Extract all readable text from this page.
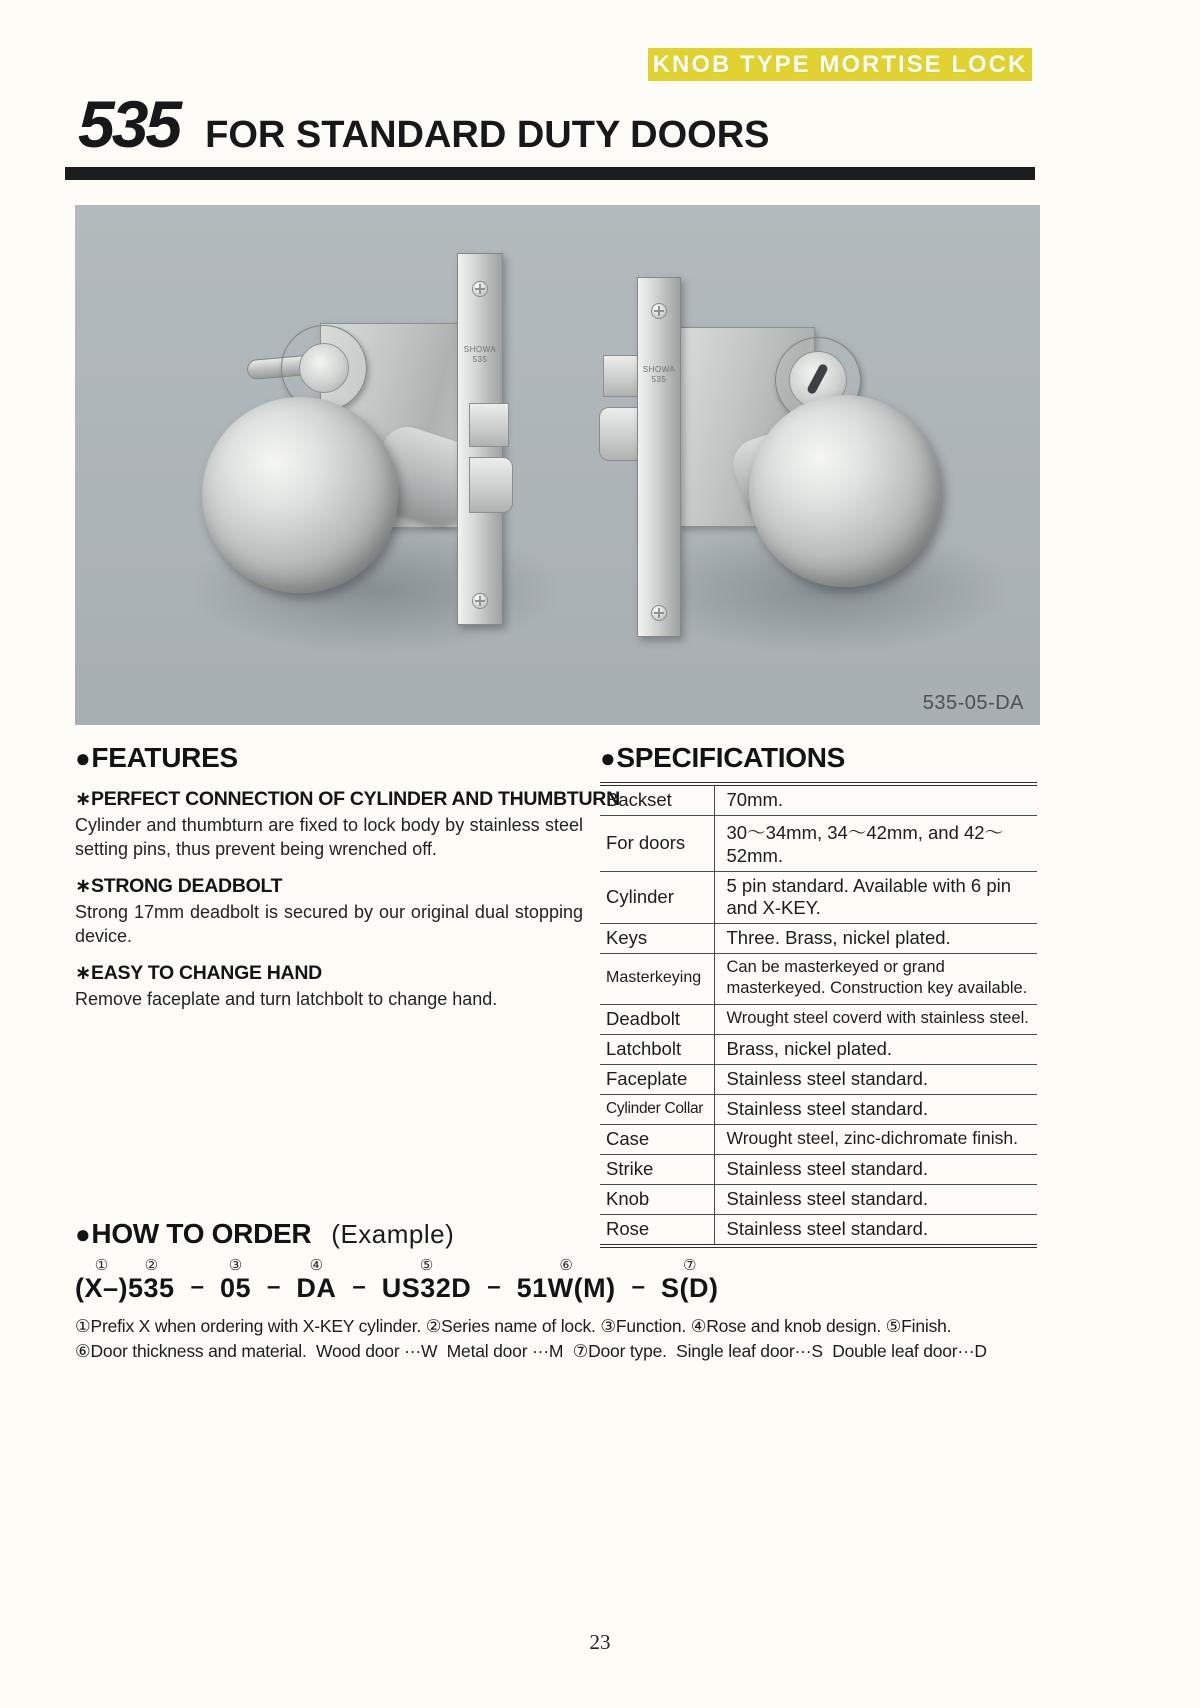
KNOB TYPE MORTISE LOCK
535 FOR STANDARD DUTY DOORS
SHOWA
535
SHOWA
535
535-05-DA
● FEATURES
∗PERFECT CONNECTION OF CYLINDER AND THUMBTURN

Cylinder and thumbturn are fixed to lock body by stainless steel setting pins, thus prevent being wrenched off.

∗STRONG DEADBOLT

Strong 17mm deadbolt is secured by our original dual stopping device.

∗EASY TO CHANGE HAND

Remove faceplate and turn latchbolt to change hand.

● SPECIFICATIONS
Backset	70mm.
For doors	30〜34mm, 34〜42mm, and 42〜52mm.
Cylinder	5 pin standard. Available with 6 pin and X-KEY.
Keys	Three. Brass, nickel plated.
Masterkeying	Can be masterkeyed or grand masterkeyed. Construction key available.
Deadbolt	Wrought steel coverd with stainless steel.
Latchbolt	Brass, nickel plated.
Faceplate	Stainless steel standard.
Cylinder Collar	Stainless steel standard.
Case	Wrought steel, zinc-dichromate finish.
Strike	Stainless steel standard.
Knob	Stainless steel standard.
Rose	Stainless steel standard.
● HOW TO ORDER (Example)
①
(X–)
②
535 –
③
05 –
④
DA –
⑤
US32D –
⑥
51W(M) –
⑦
S(D)
①Prefix X when ordering with X-KEY cylinder. ②Series name of lock. ③Function. ④Rose and knob design. ⑤Finish.
⑥Door thickness and material.  Wood door ···W  Metal door ···M  ⑦Door type.  Single leaf door···S  Double leaf door···D
23
